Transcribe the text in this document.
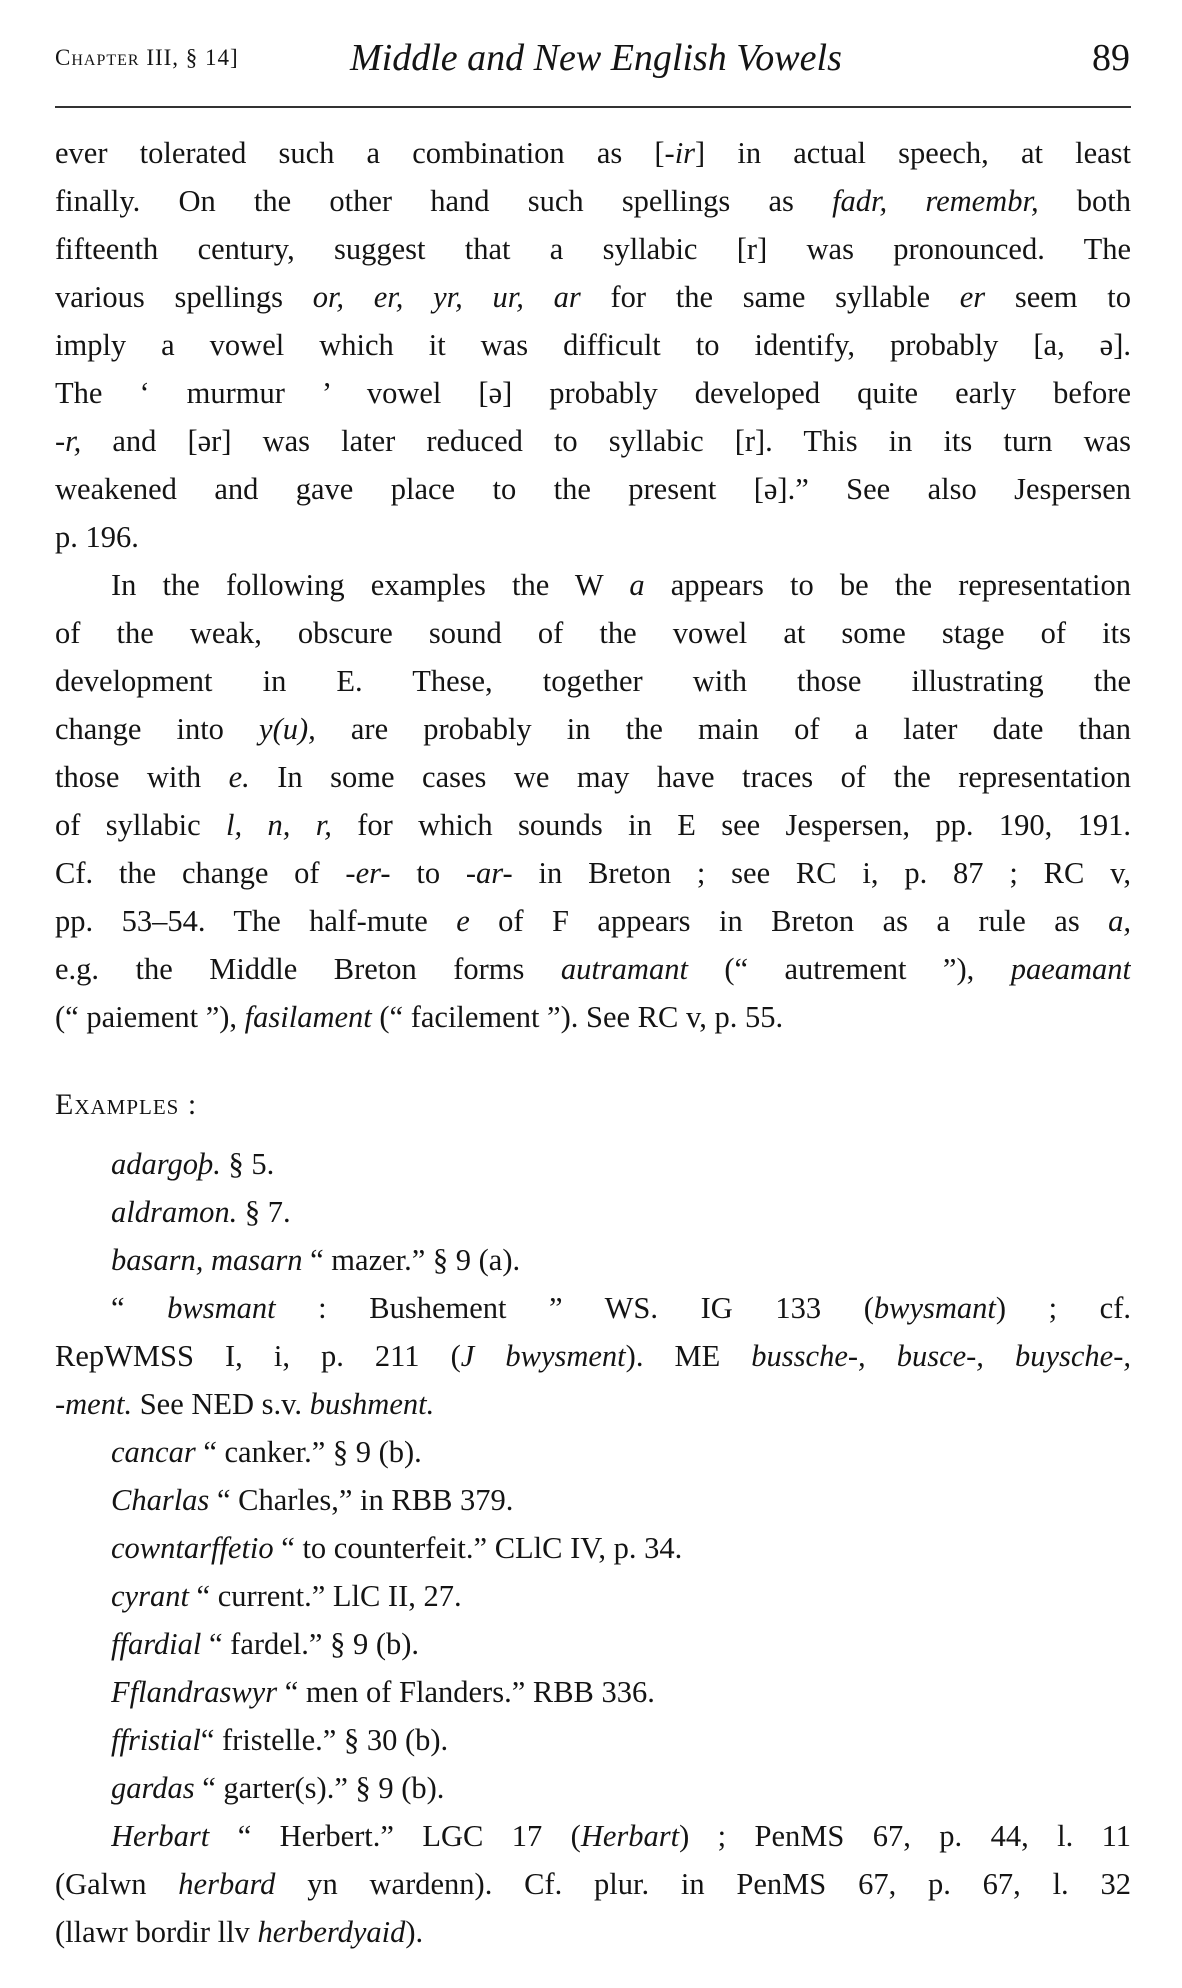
Chapter III, § 14]	Middle and New English Vowels	89
ever tolerated such a combination as [-ir] in actual speech, at least
finally. On the other hand such spellings as fadr, remembr, both
fifteenth century, suggest that a syllabic [r] was pronounced. The
various spellings or, er, yr, ur, ar for the same syllable er seem to
imply a vowel which it was difficult to identify, probably [a, ə].
The ‘ murmur ’ vowel [ə] probably developed quite early before
-r, and [ər] was later reduced to syllabic [r]. This in its turn was
weakened and gave place to the present [ə].” See also Jespersen
p. 196.
In the following examples the W a appears to be the representation
of the weak, obscure sound of the vowel at some stage of its
development in E. These, together with those illustrating the
change into y(u), are probably in the main of a later date than
those with e. In some cases we may have traces of the representation
of syllabic l, n, r, for which sounds in E see Jespersen, pp. 190, 191.
Cf. the change of -er- to -ar- in Breton ; see RC i, p. 87 ; RC v,
pp. 53–54. The half-mute e of F appears in Breton as a rule as a,
e.g. the Middle Breton forms autramant (“ autrement ”), paeamant
(“ paiement ”), fasilament (“ facilement ”). See RC v, p. 55.
Examples :
adargoþ. § 5.
aldramon. § 7.
basarn, masarn “ mazer.” § 9 (a).
“ bwsmant : Bushement ” WS. IG 133 (bwysmant) ; cf.
RepWMSS I, i, p. 211 (J bwysment). ME bussche-, busce-, buysche-,
-ment. See NED s.v. bushment.
cancar “ canker.” § 9 (b).
Charlas “ Charles,” in RBB 379.
cowntarffetio “ to counterfeit.” CLlC IV, p. 34.
cyrant “ current.” LlC II, 27.
ffardial “ fardel.” § 9 (b).
Fflandraswyr “ men of Flanders.” RBB 336.
ffristial“ fristelle.” § 30 (b).
gardas “ garter(s).” § 9 (b).
Herbart “ Herbert.” LGC 17 (Herbart) ; PenMS 67, p. 44, l. 11
(Galwn herbard yn wardenn). Cf. plur. in PenMS 67, p. 67, l. 32
(llawr bordir llv herberdyaid).
